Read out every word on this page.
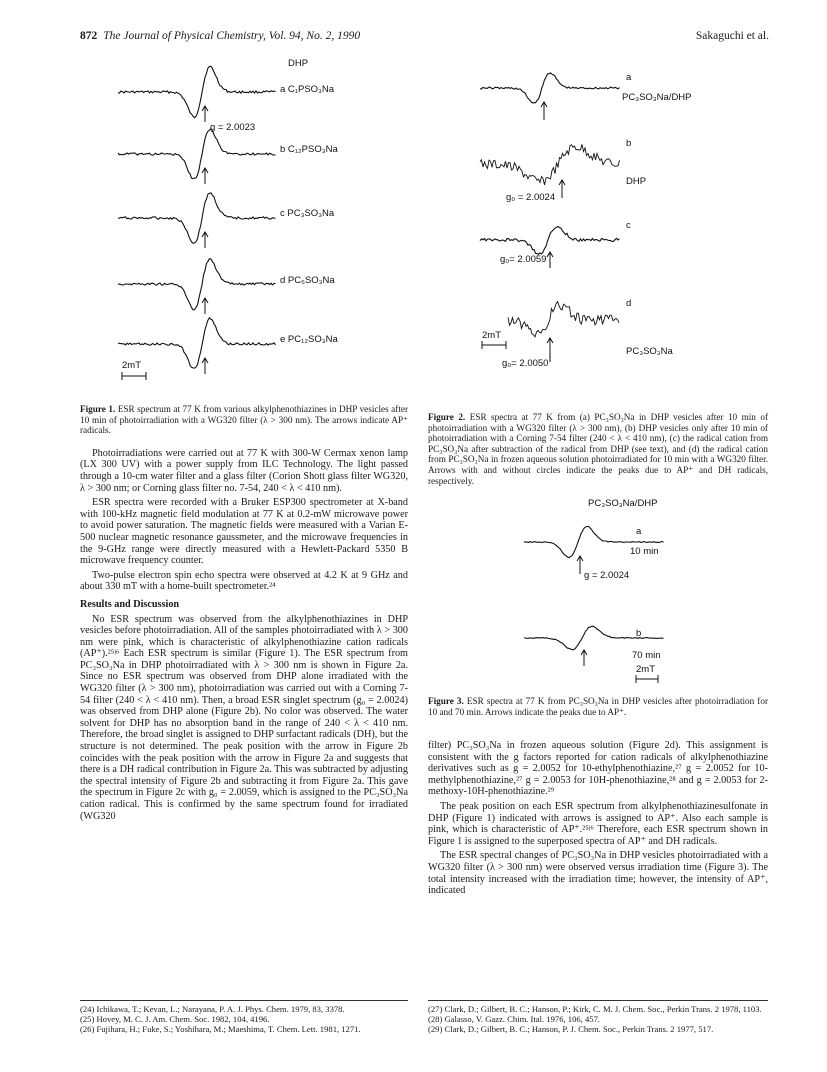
872 The Journal of Physical Chemistry, Vol. 94, No. 2, 1990	Sakaguchi et al.
DHP
a C₁PSO₃Na
b C₁₂PSO₃Na
c PC₃SO₃Na
d PC₆SO₃Na
e PC₁₂SO₃Na
g = 2.0023
2mT
a
PC₃SO₃Na/DHP
b
DHP
g₀ = 2.0024
c
g₀= 2.0059
d
2mT
PC₃SO₃Na
g₀= 2.0050
Figure 2. ESR spectra at 77 K from (a) PC₃SO₃Na in DHP vesicles after 10 min of photoirradiation with a WG320 filter (λ > 300 nm), (b) DHP vesicles only after 10 min of photoirradiation with a Corning 7-54 filter (240 < λ < 410 nm), (c) the radical cation from PC₃SO₃Na after subtraction of the radical from DHP (see text), and (d) the radical cation from PC₃SO₃Na in frozen aqueous solution photoirradiated for 10 min with a WG320 filter. Arrows with and without circles indicate the peaks due to AP⁺ and DH radicals, respectively.
PC₃SO₃Na/DHP
a
10 min
g = 2.0024
b
70 min
2mT
Figure 3. ESR spectra at 77 K from PC₃SO₃Na in DHP vesicles after photoirradiation for 10 and 70 min. Arrows indicate the peaks due to AP⁺.
Figure 1. ESR spectrum at 77 K from various alkylphenothiazines in DHP vesicles after 10 min of photoirradiation with a WG320 filter (λ > 300 nm). The arrows indicate AP⁺ radicals.

Photoirradiations were carried out at 77 K with 300-W Cermax xenon lamp (LX 300 UV) with a power supply from ILC Technology. The light passed through a 10-cm water filter and a glass filter (Corion Shott glass filter WG320, λ > 300 nm; or Corning glass filter no. 7-54, 240 < λ < 410 nm).

ESR spectra were recorded with a Bruker ESP300 spectrometer at X-band with 100-kHz magnetic field modulation at 77 K at 0.2-mW microwave power to avoid power saturation. The magnetic fields were measured with a Varian E-500 nuclear magnetic resonance gaussmeter, and the microwave frequencies in the 9-GHz range were directly measured with a Hewlett-Packard 5350 B microwave frequency counter.

Two-pulse electron spin echo spectra were observed at 4.2 K at 9 GHz and about 330 mT with a home-built spectrometer.²⁴

Results and Discussion

No ESR spectrum was observed from the alkylphenothiazines in DHP vesicles before photoirradiation. All of the samples photoirradiated with λ > 300 nm were pink, which is characteristic of alkylphenothiazine cation radicals (AP⁺).²⁵ʲ⁶ Each ESR spectrum is similar (Figure 1). The ESR spectrum from PC₃SO₃Na in DHP photoirradiated with λ > 300 nm is shown in Figure 2a. Since no ESR spectrum was observed from DHP alone irradiated with the WG320 filter (λ > 300 nm), photoirradiation was carried out with a Corning 7-54 filter (240 < λ < 410 nm). Then, a broad ESR singlet spectrum (g₀ = 2.0024) was observed from DHP alone (Figure 2b). No color was observed. The water solvent for DHP has no absorption band in the range of 240 < λ < 410 nm. Therefore, the broad singlet is assigned to DHP surfactant radicals (DH), but the structure is not determined. The peak position with the arrow in Figure 2b coincides with the peak position with the arrow in Figure 2a and suggests that there is a DH radical contribution in Figure 2a. This was subtracted by adjusting the spectral intensity of Figure 2b and subtracting it from Figure 2a. This gave the spectrum in Figure 2c with g₀ = 2.0059, which is assigned to the PC₃SO₃Na cation radical. This is confirmed by the same spectrum found for irradiated (WG320

filter) PC₃SO₃Na in frozen aqueous solution (Figure 2d). This assignment is consistent with the g factors reported for cation radicals of alkylphenothiazine derivatives such as g = 2.0052 for 10-ethylphenothiazine,²⁷ g = 2.0052 for 10-methylphenothiazine,²⁷ g = 2.0053 for 10H-phenothiazine,²⁸ and g = 2.0053 for 2-methoxy-10H-phenothiazine.²⁹

The peak position on each ESR spectrum from alkylphenothiazinesulfonate in DHP (Figure 1) indicated with arrows is assigned to AP⁺. Also each sample is pink, which is characteristic of AP⁺.²⁵ʲ⁶ Therefore, each ESR spectrum shown in Figure 1 is assigned to the superposed spectra of AP⁺ and DH radicals.

The ESR spectral changes of PC₃SO₃Na in DHP vesicles photoirradiated with a WG320 filter (λ > 300 nm) were observed versus irradiation time (Figure 3). The total intensity increased with the irradiation time; however, the intensity of AP⁺, indicated

(24) Ichikawa, T.; Kevan, L.; Narayana, P. A. J. Phys. Chem. 1979, 83, 3378.

(25) Hovey, M. C. J. Am. Chem. Soc. 1982, 104, 4196.

(26) Fujihara, H.; Fuke, S.; Yoshihara, M.; Maeshima, T. Chem. Lett. 1981, 1271.

(27) Clark, D.; Gilbert, B. C.; Hanson, P.; Kirk, C. M. J. Chem. Soc., Perkin Trans. 2 1978, 1103.

(28) Galasso, V. Gazz. Chim. Ital. 1976, 106, 457.

(29) Clark, D.; Gilbert, B. C.; Hanson, P. J. Chem. Soc., Perkin Trans. 2 1977, 517.
